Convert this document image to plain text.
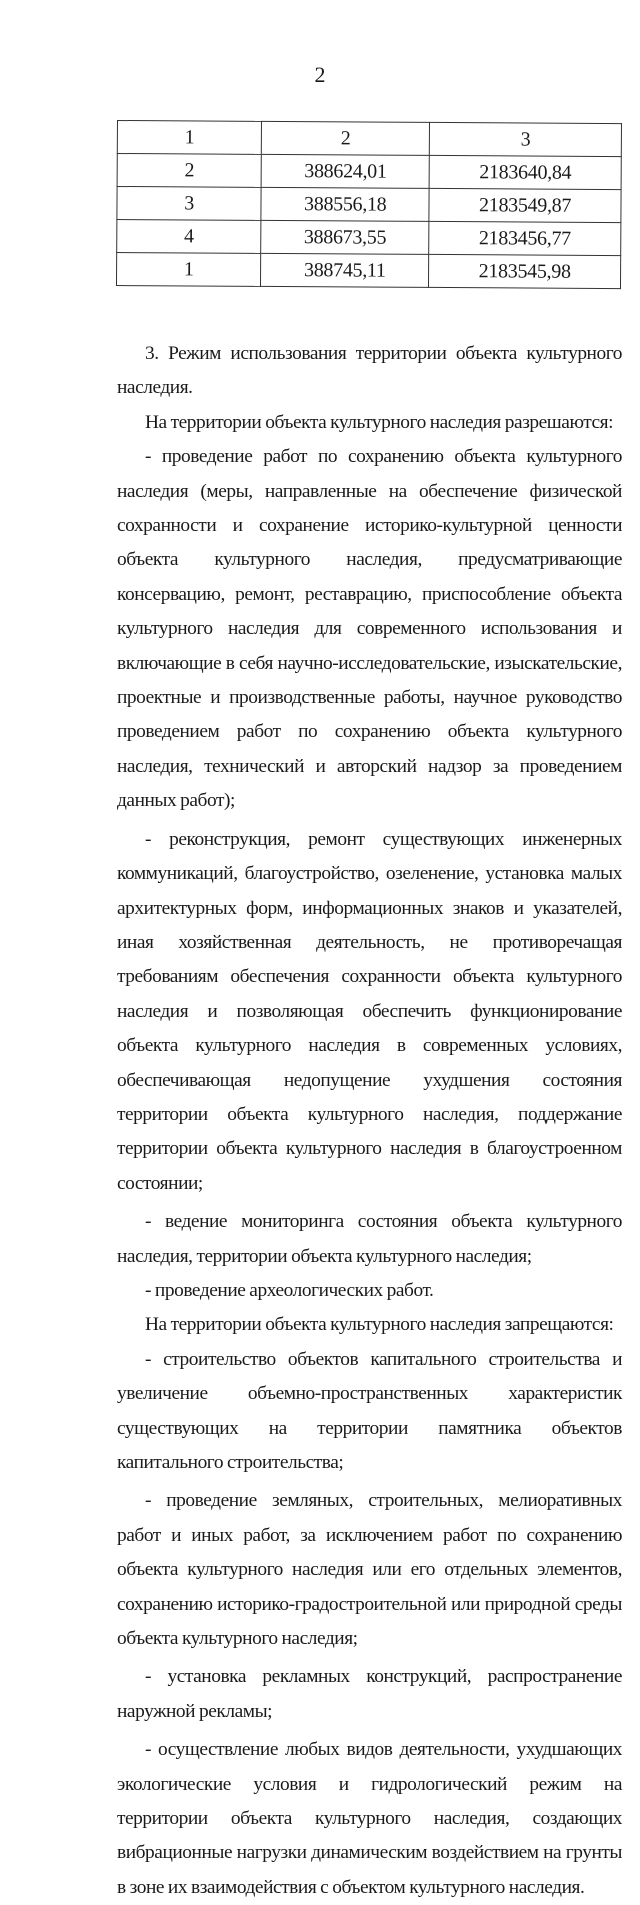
2
1	2	3
2	388624,01	2183640,84
3	388556,18	2183549,87
4	388673,55	2183456,77
1	388745,11	2183545,98

3. Режим использования территории объекта культурного наследия.

На территории объекта культурного наследия разрешаются:

- проведение работ по сохранению объекта культурного наследия (меры, направленные на обеспечение физической сохранности и сохранение историко-культурной ценности объекта культурного наследия, предусматривающие консервацию, ремонт, реставрацию, приспособление объекта культурного наследия для современного использования и включающие в себя научно-исследовательские, изыскательские, проектные и производственные работы, научное руководство проведением работ по сохранению объекта культурного наследия, технический и авторский надзор за проведением данных работ);

- реконструкция, ремонт существующих инженерных коммуникаций, благоустройство, озеленение, установка малых архитектурных форм, информационных знаков и указателей, иная хозяйственная деятельность, не противоречащая требованиям обеспечения сохранности объекта культурного наследия и позволяющая обеспечить функционирование объекта культурного наследия в современных условиях, обеспечивающая недопущение ухудшения состояния территории объекта культурного наследия, поддержание территории объекта культурного наследия в благоустроенном состоянии;

- ведение мониторинга состояния объекта культурного наследия, территории объекта культурного наследия;

- проведение археологических работ.

На территории объекта культурного наследия запрещаются:

- строительство объектов капитального строительства и увеличение объемно-пространственных характеристик существующих на территории памятника объектов капитального строительства;

- проведение земляных, строительных, мелиоративных работ и иных работ, за исключением работ по сохранению объекта культурного наследия или его отдельных элементов, сохранению историко-градостроительной или природной среды объекта культурного наследия;

- установка рекламных конструкций, распространение наружной рекламы;

- осуществление любых видов деятельности, ухудшающих экологические условия и гидрологический режим на территории объекта культурного наследия, создающих вибрационные нагрузки динамическим воздействием на грунты в зоне их взаимодействия с объектом культурного наследия.
